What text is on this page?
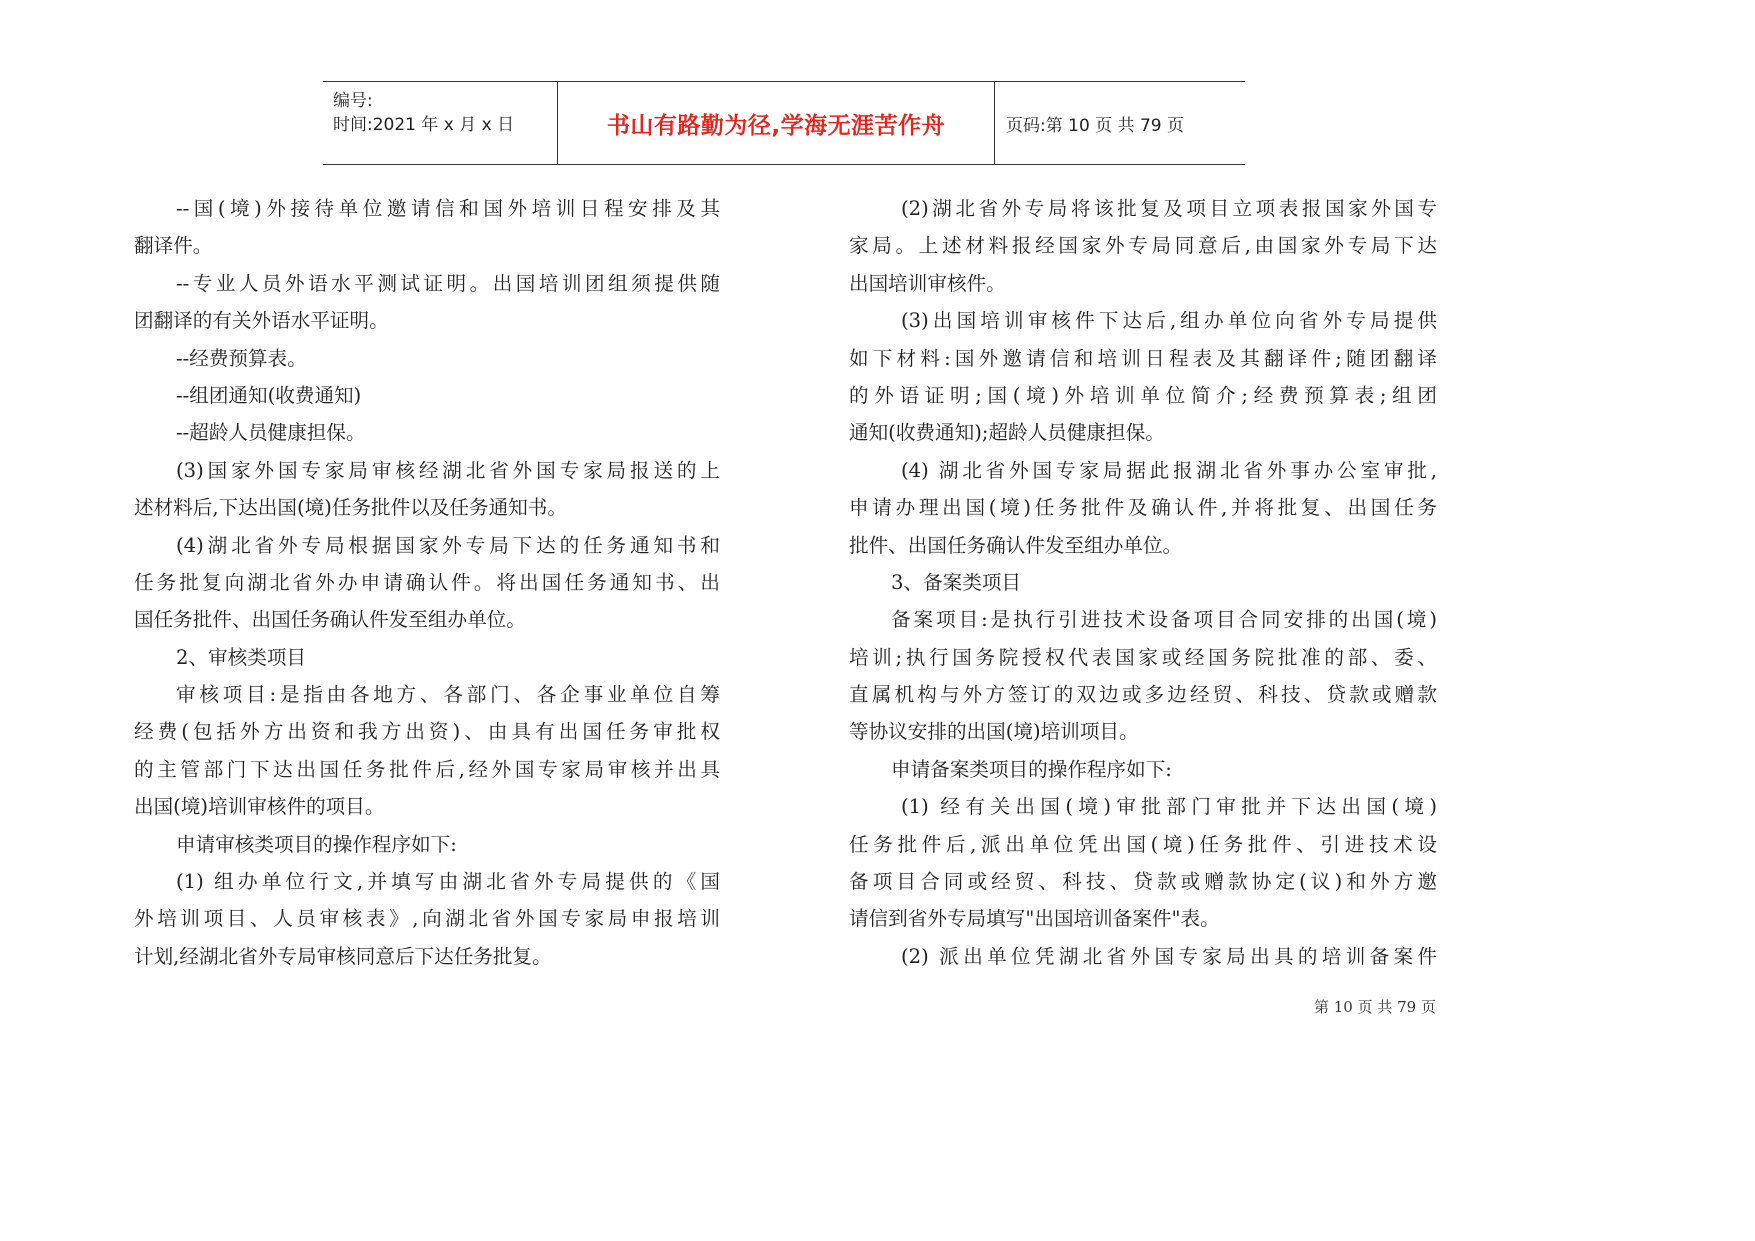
编号:
时间:2021 年 x 月 x 日	书山有路勤为径,学海无涯苦作舟	页码:第 10 页 共 79 页
--国(境)外接待单位邀请信和国外培训日程安排及其
翻译件。
--专业人员外语水平测试证明。出国培训团组须提供随
团翻译的有关外语水平证明。
--经费预算表。
--组团通知(收费通知)
--超龄人员健康担保。
(3)国家外国专家局审核经湖北省外国专家局报送的上
述材料后,下达出国(境)任务批件以及任务通知书。
(4)湖北省外专局根据国家外专局下达的任务通知书和
任务批复向湖北省外办申请确认件。将出国任务通知书、出
国任务批件、出国任务确认件发至组办单位。
2、审核类项目
审核项目:是指由各地方、各部门、各企事业单位自筹
经费(包括外方出资和我方出资)、由具有出国任务审批权
的主管部门下达出国任务批件后,经外国专家局审核并出具
出国(境)培训审核件的项目。
申请审核类项目的操作程序如下:
(1) 组办单位行文,并填写由湖北省外专局提供的《国
外培训项目、人员审核表》,向湖北省外国专家局申报培训
计划,经湖北省外专局审核同意后下达任务批复。
(2)湖北省外专局将该批复及项目立项表报国家外国专
家局。上述材料报经国家外专局同意后,由国家外专局下达
出国培训审核件。
(3)出国培训审核件下达后,组办单位向省外专局提供
如下材料:国外邀请信和培训日程表及其翻译件;随团翻译
的外语证明;国(境)外培训单位简介;经费预算表;组团
通知(收费通知);超龄人员健康担保。
(4) 湖北省外国专家局据此报湖北省外事办公室审批,
申请办理出国(境)任务批件及确认件,并将批复、出国任务
批件、出国任务确认件发至组办单位。
3、备案类项目
备案项目:是执行引进技术设备项目合同安排的出国(境)
培训;执行国务院授权代表国家或经国务院批准的部、委、
直属机构与外方签订的双边或多边经贸、科技、贷款或赠款
等协议安排的出国(境)培训项目。
申请备案类项目的操作程序如下:
(1) 经有关出国(境)审批部门审批并下达出国(境)
任务批件后,派出单位凭出国(境)任务批件、引进技术设
备项目合同或经贸、科技、贷款或赠款协定(议)和外方邀
请信到省外专局填写"出国培训备案件"表。
(2) 派出单位凭湖北省外国专家局出具的培训备案件
第 10 页 共 79 页
